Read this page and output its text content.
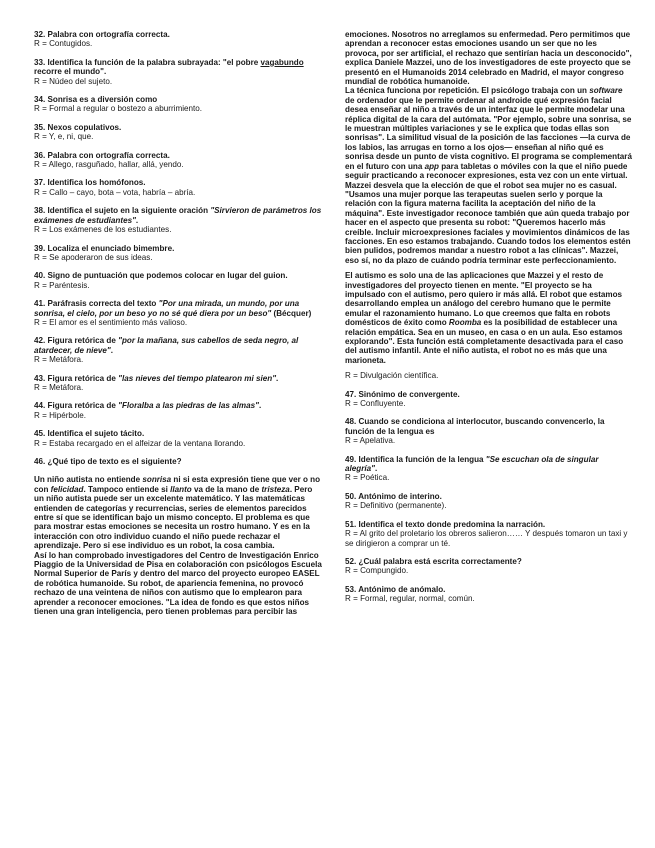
32. Palabra con ortografía correcta.
R = Contugidos.
33. Identifica la función de la palabra subrayada: "el pobre vagabundo recorre el mundo".
R = Núdeo del sujeto.
34. Sonrisa es a diversión como
R = Formal a regular o bostezo a aburrimiento.
35. Nexos copulativos.
R = Y, e, ni, que.
36. Palabra con ortografía correcta.
R = Allego, rasguñado, hallar, allá, yendo.
37. Identifica los homófonos.
R = Callo – cayo, bota – vota, habría – abría.
38. Identifica el sujeto en la siguiente oración "Sirvieron de parámetros los exámenes de estudiantes".
R = Los exámenes de los estudiantes.
39. Localiza el enunciado bimembre.
R = Se apoderaron de sus ideas.
40. Signo de puntuación que podemos colocar en lugar del guion.
R = Paréntesis.
41. Paráfrasis correcta del texto "Por una mirada, un mundo, por una sonrisa, el cielo, por un beso yo no sé qué diera por un beso" (Bécquer)
R = El amor es el sentimiento más valioso.
42. Figura retórica de "por la mañana, sus cabellos de seda negro, al atardecer, de nieve".
R = Metáfora.
43. Figura retórica de "las nieves del tiempo platearon mi sien".
R = Metáfora.
44. Figura retórica de "Floralba a las piedras de las almas".
R = Hipérbole.
45. Identifica el sujeto tácito.
R = Estaba recargado en el alfeizar de la ventana llorando.
46. ¿Qué tipo de texto es el siguiente?

Un niño autista no entiende sonrisa ni si esta expresión tiene que ver o no con felicidad. Tampoco entiende si llanto va de la mano de tristeza. Pero un niño autista puede ser un excelente matemático. Y las matemáticas entienden de categorías y recurrencias, series de elementos parecidos entre sí que se identifican bajo un mismo concepto. El problema es que para mostrar estas emociones se necesita un rostro humano. Y es en la interacción con otro individuo cuando el niño puede rechazar el aprendizaje. Pero si ese individuo es un robot, la cosa cambia.

Así lo han comprobado investigadores del Centro de Investigación Enrico Piaggio de la Universidad de Pisa en colaboración con psicólogos Escuela Normal Superior de París y dentro del marco del proyecto europeo EASEL de robótica humanoide. Su robot, de apariencia femenina, no provocó rechazo de una veintena de niños con autismo que lo emplearon para aprender a reconocer emociones. "La idea de fondo es que estos niños tienen una gran inteligencia, pero tienen problemas para percibir las

emociones. Nosotros no arreglamos su enfermedad. Pero permitimos que aprendan a reconocer estas emociones usando un ser que no les provoca, por ser artificial, el rechazo que sentirían hacia un desconocido", explica Daniele Mazzei, uno de los investigadores de este proyecto que se presentó en el Humanoids 2014 celebrado en Madrid, el mayor congreso mundial de robótica humanoide.

La técnica funciona por repetición. El psicólogo trabaja con un software de ordenador que le permite ordenar al androide qué expresión facial desea enseñar al niño a través de un interfaz que le permite modelar una réplica digital de la cara del autómata. "Por ejemplo, sobre una sonrisa, se le muestran múltiples variaciones y se le explica que todas ellas son sonrisas". La similitud visual de la posición de las facciones —la curva de los labios, las arrugas en torno a los ojos— enseñan al niño qué es sonrisa desde un punto de vista cognitivo. El programa se complementará en el futuro con una app para tabletas o móviles con la que el niño puede seguir practicando a reconocer expresiones, esta vez con un ente virtual.

Mazzei desvela que la elección de que el robot sea mujer no es casual. "Usamos una mujer porque las terapeutas suelen serlo y porque la relación con la figura materna facilita la aceptación del niño de la máquina". Este investigador reconoce también que aún queda trabajo por hacer en el aspecto que presenta su robot: "Queremos hacerlo más creíble. Incluir microexpresiones faciales y movimientos dinámicos de las facciones. En eso estamos trabajando. Cuando todos los elementos estén bien pulidos, podremos mandar a nuestro robot a las clínicas". Mazzei, eso sí, no da plazo de cuándo podría terminar este perfeccionamiento.

El autismo es solo una de las aplicaciones que Mazzei y el resto de investigadores del proyecto tienen en mente. "El proyecto se ha impulsado con el autismo, pero quiero ir más allá. El robot que estamos desarrollando emplea un análogo del cerebro humano que le permite emular el razonamiento humano. Lo que creemos que falta en robots domésticos de éxito como Roomba es la posibilidad de establecer una relación empática. Sea en un museo, en casa o en un aula. Eso estamos explorando". Esta función está completamente desactivada para el caso del autismo infantil. Ante el niño autista, el robot no es más que una marioneta.

R = Divulgación científica.
47. Sinónimo de convergente.
R = Confluyente.
48. Cuando se condiciona al interlocutor, buscando convencerlo, la función de la lengua es
R = Apelativa.
49. Identifica la función de la lengua "Se escuchan ola de singular alegría".
R = Poética.
50. Antónimo de interino.
R = Definitivo (permanente).
51. Identifica el texto donde predomina la narración.
R = Al grito del proletario los obreros salieron…… Y después tomaron un taxi y se dirigieron a comprar un té.
52. ¿Cuál palabra está escrita correctamente?
R = Compungido.
53. Antónimo de anómalo.
R = Formal, regular, normal, común.
